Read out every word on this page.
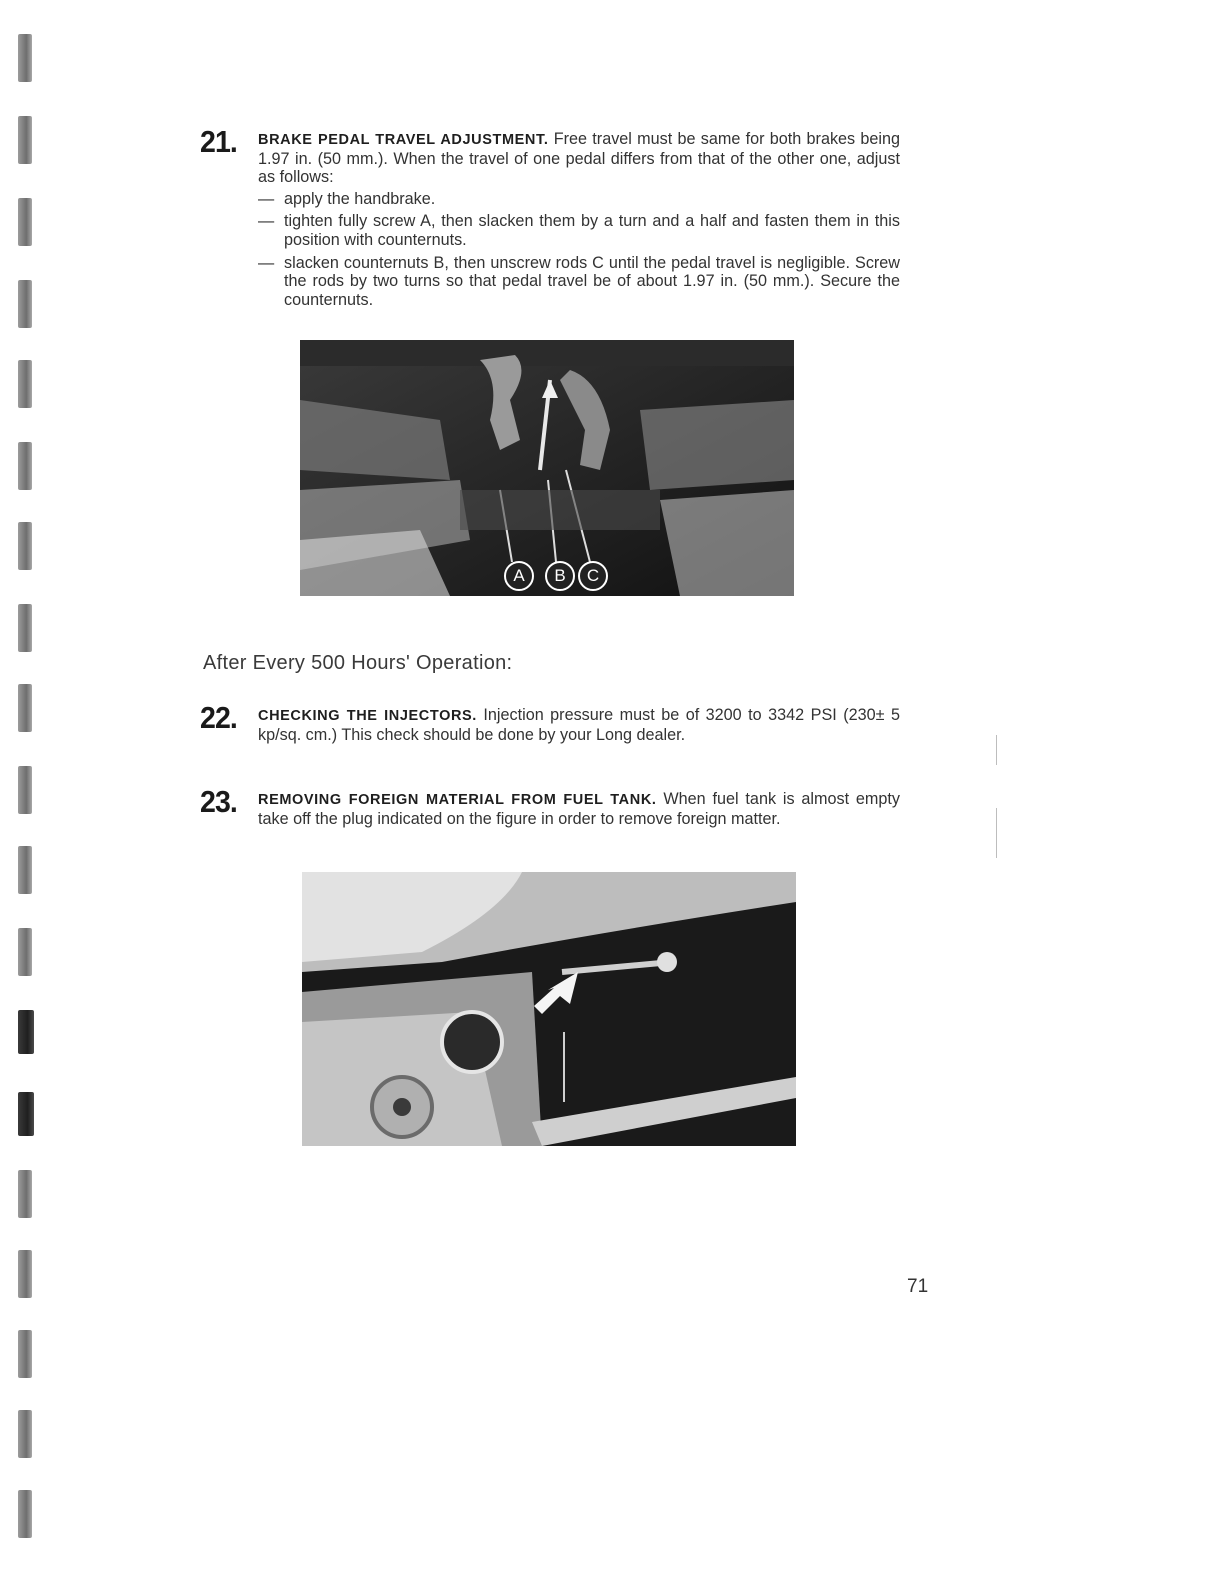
21. BRAKE PEDAL TRAVEL ADJUSTMENT. Free travel must be same for both brakes being 1.97 in. (50 mm.). When the travel of one pedal differs from that of the other one, adjust as follows:
— apply the handbrake.
— tighten fully screw A, then slacken them by a turn and a half and fasten them in this position with counternuts.
— slacken counternuts B, then unscrew rods C until the pedal travel is negligible. Screw the rods by two turns so that pedal travel be of about 1.97 in. (50 mm.). Secure the counternuts.
A	B	C
After Every 500 Hours' Operation:
22. CHECKING THE INJECTORS. Injection pressure must be of 3200 to 3342 PSI (230± 5 kp/sq. cm.) This check should be done by your Long dealer.
23. REMOVING FOREIGN MATERIAL FROM FUEL TANK. When fuel tank is almost empty take off the plug indicated on the figure in order to remove foreign matter.
71
